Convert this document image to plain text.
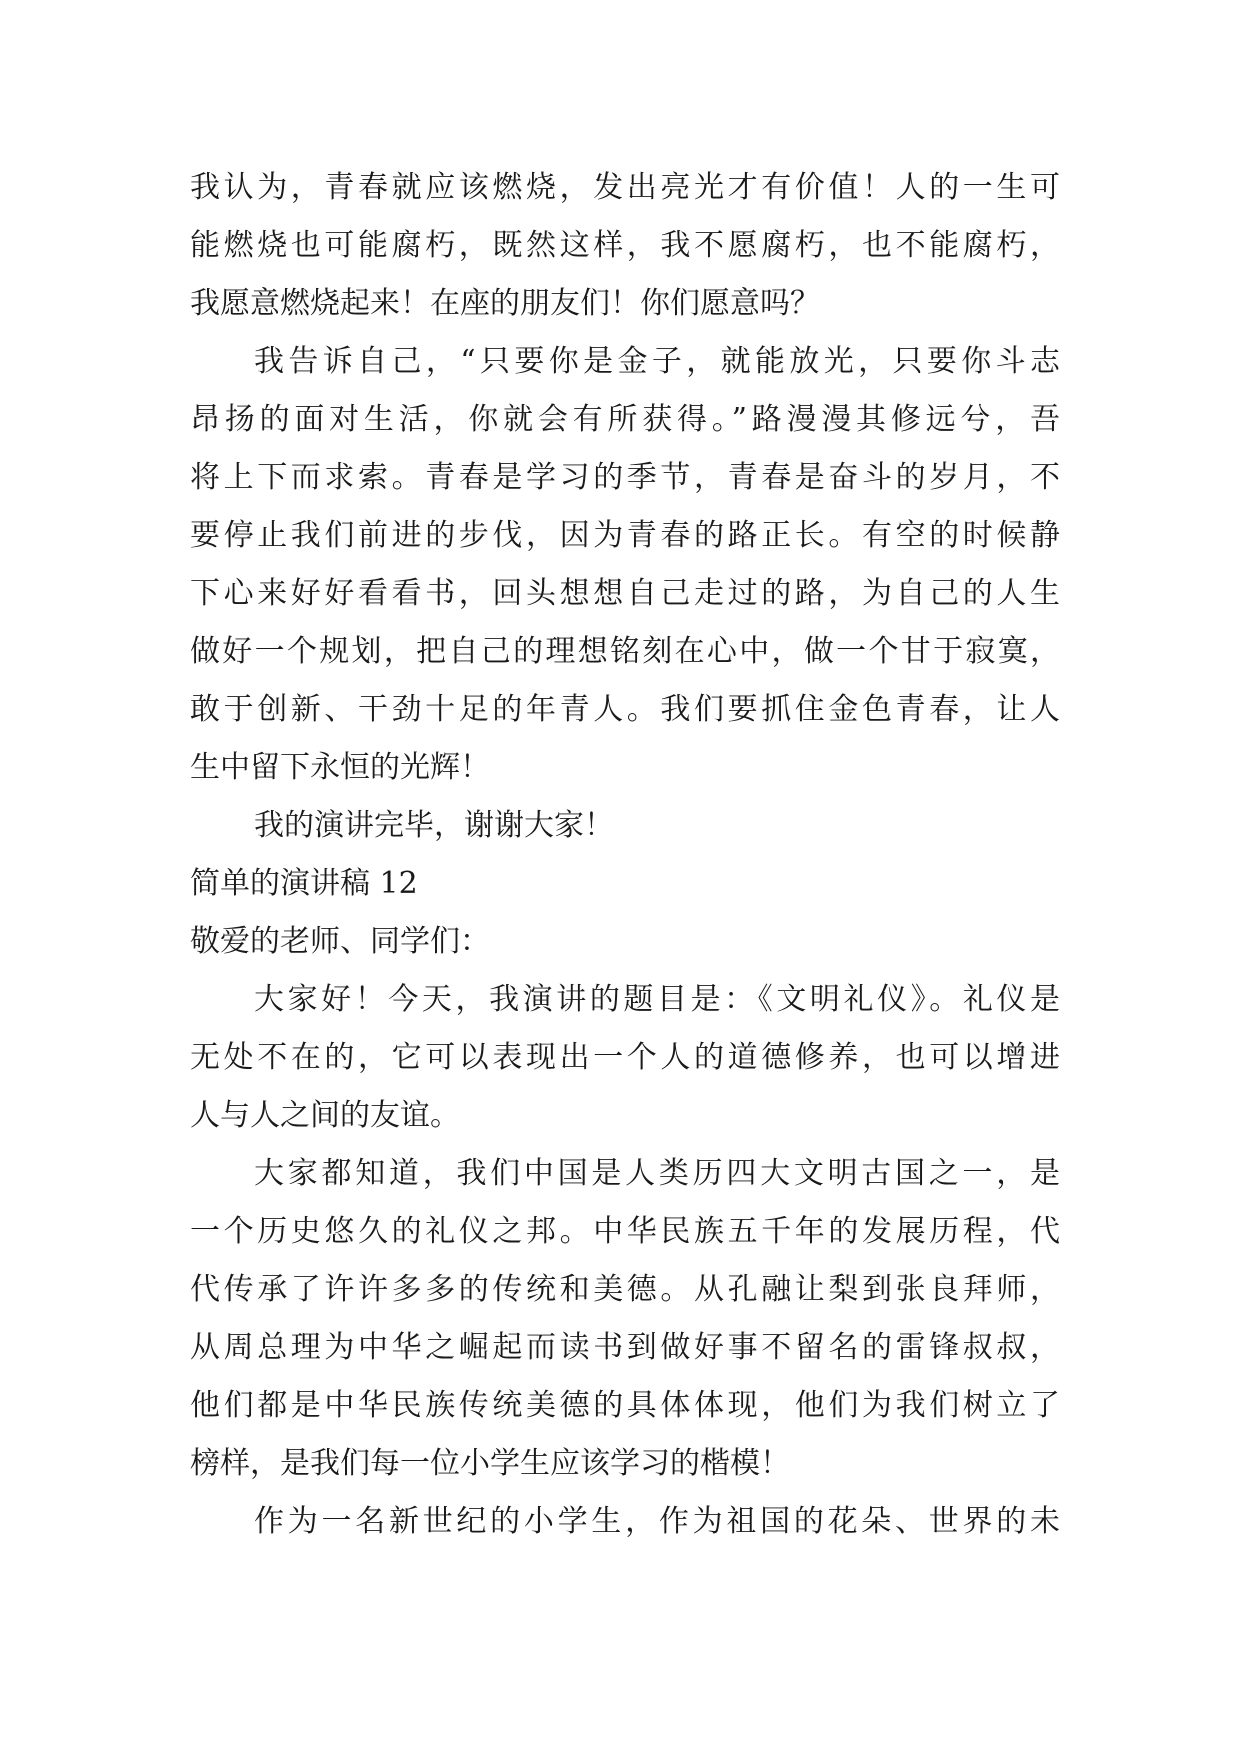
我认为，青春就应该燃烧，发出亮光才有价值！人的一生可
能燃烧也可能腐朽，既然这样，我不愿腐朽，也不能腐朽，
我愿意燃烧起来！在座的朋友们！你们愿意吗？
我告诉自己，“只要你是金子，就能放光，只要你斗志
昂扬的面对生活，你就会有所获得。”路漫漫其修远兮，吾
将上下而求索。青春是学习的季节，青春是奋斗的岁月，不
要停止我们前进的步伐，因为青春的路正长。有空的时候静
下心来好好看看书，回头想想自己走过的路，为自己的人生
做好一个规划，把自己的理想铭刻在心中，做一个甘于寂寞，
敢于创新、干劲十足的年青人。我们要抓住金色青春，让人
生中留下永恒的光辉！
我的演讲完毕，谢谢大家！
简单的演讲稿 12
敬爱的老师、同学们：
大家好！今天，我演讲的题目是：《文明礼仪》。礼仪是
无处不在的，它可以表现出一个人的道德修养，也可以增进
人与人之间的友谊。
大家都知道，我们中国是人类历四大文明古国之一，是
一个历史悠久的礼仪之邦。中华民族五千年的发展历程，代
代传承了许许多多的传统和美德。从孔融让梨到张良拜师，
从周总理为中华之崛起而读书到做好事不留名的雷锋叔叔，
他们都是中华民族传统美德的具体体现，他们为我们树立了
榜样，是我们每一位小学生应该学习的楷模！
作为一名新世纪的小学生，作为祖国的花朵、世界的未
